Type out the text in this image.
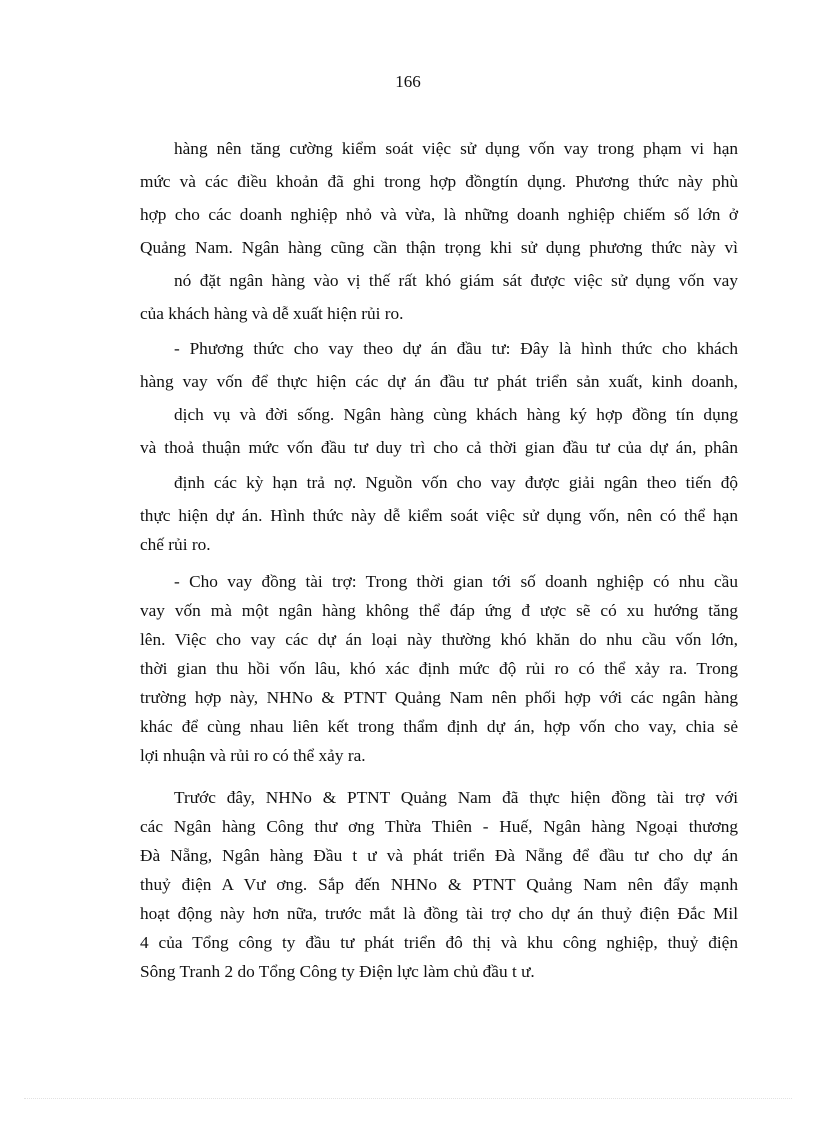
166
hàng nên tăng cường kiểm soát việc sử dụng vốn vay trong phạm vi hạn
mức và các điều khoản đã ghi trong hợp đồngtín dụng. Phương thức này phù
hợp cho các doanh nghiệp nhỏ và vừa, là những doanh nghiệp chiếm số lớn ở
Quảng Nam. Ngân hàng cũng cần thận trọng khi sử dụng phương thức này vì
nó đặt ngân hàng vào vị thế rất khó giám sát được việc sử dụng vốn vay
của khách hàng và dễ xuất hiện rủi ro.
- Phương thức cho vay theo dự án đầu tư: Đây là hình thức cho khách
hàng vay vốn để thực hiện các dự án đầu tư phát triển sản xuất, kinh doanh,
dịch vụ và đời sống. Ngân hàng cùng khách hàng ký hợp đồng tín dụng
và thoả thuận mức vốn đầu tư duy trì cho cả thời gian đầu tư của dự án, phân
định các kỳ hạn trả nợ. Nguồn vốn cho vay được giải ngân theo tiến độ
thực hiện dự án. Hình thức này dễ kiểm soát việc sử dụng vốn, nên có thể hạn
chế rủi ro.
- Cho vay đồng tài trợ: Trong thời gian tới số doanh nghiệp có nhu cầu
vay vốn mà một ngân hàng không thể đáp ứng đ ược sẽ có xu hướng tăng
lên. Việc cho vay các dự án loại này thường khó khăn do nhu cầu vốn lớn,
thời gian thu hồi vốn lâu, khó xác định mức độ rủi ro có thể xảy ra. Trong
trường hợp này, NHNo & PTNT Quảng Nam nên phối hợp với các ngân hàng
khác để cùng nhau liên kết trong thẩm định dự án, hợp vốn cho vay, chia sẻ
lợi nhuận và rủi ro có thể xảy ra.
Trước đây, NHNo & PTNT Quảng Nam đã thực hiện đồng tài trợ với
các Ngân hàng Công thư ơng Thừa Thiên - Huế, Ngân hàng Ngoại thương
Đà Nẵng, Ngân hàng Đầu t ư và phát triển Đà Nẵng để đầu tư cho dự án
thuỷ điện A Vư ơng. Sắp đến NHNo & PTNT Quảng Nam nên đẩy mạnh
hoạt động này hơn nữa, trước mắt là đồng tài trợ cho dự án thuỷ điện Đắc Mil
4 của Tổng công ty đầu tư phát triển đô thị và khu công nghiệp, thuỷ điện
Sông Tranh 2 do Tổng Công ty Điện lực làm chủ đầu t ư.
